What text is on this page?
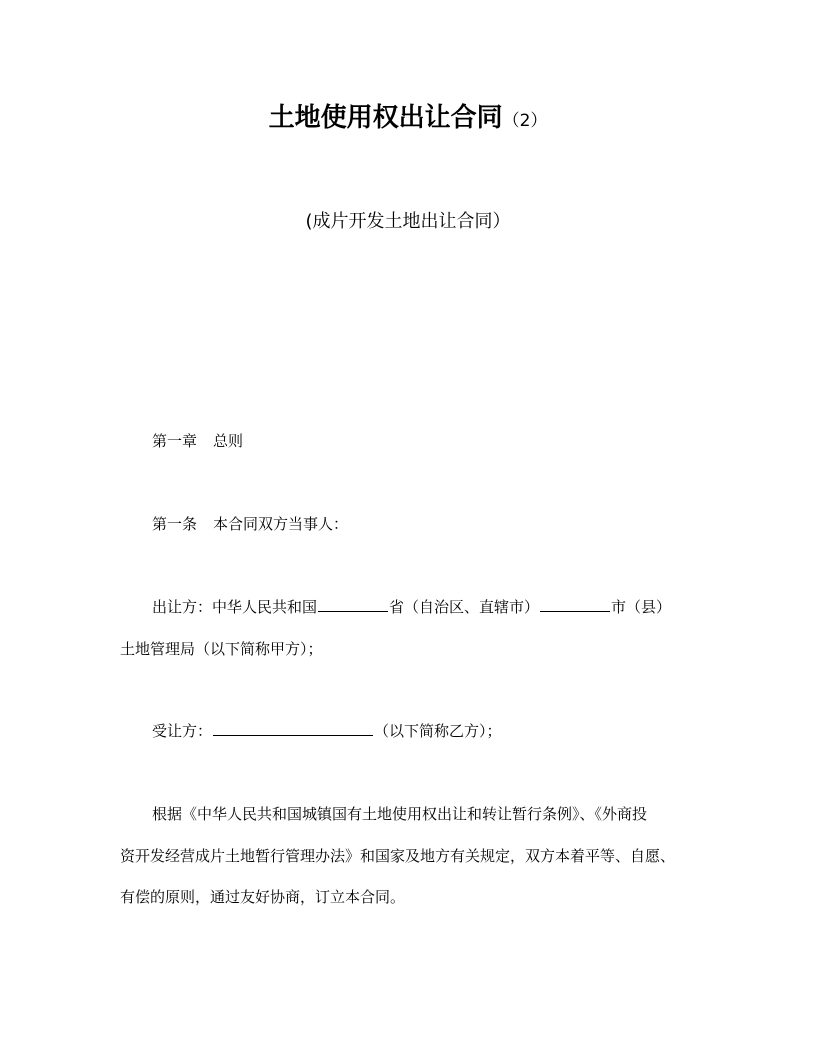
土地使用权出让合同（2）
(成片开发土地出让合同）
第一章 总则
第一条 本合同双方当事人：
出让方：中华人民共和国	省（自治区、直辖市）	市（县）
土地管理局（以下简称甲方）；
受让方：	（以下简称乙方）；
根据《中华人民共和国城镇国有土地使用权出让和转让暂行条例》、《外商投
资开发经营成片土地暂行管理办法》和国家及地方有关规定，双方本着平等、自愿、
有偿的原则，通过友好协商，订立本合同。
